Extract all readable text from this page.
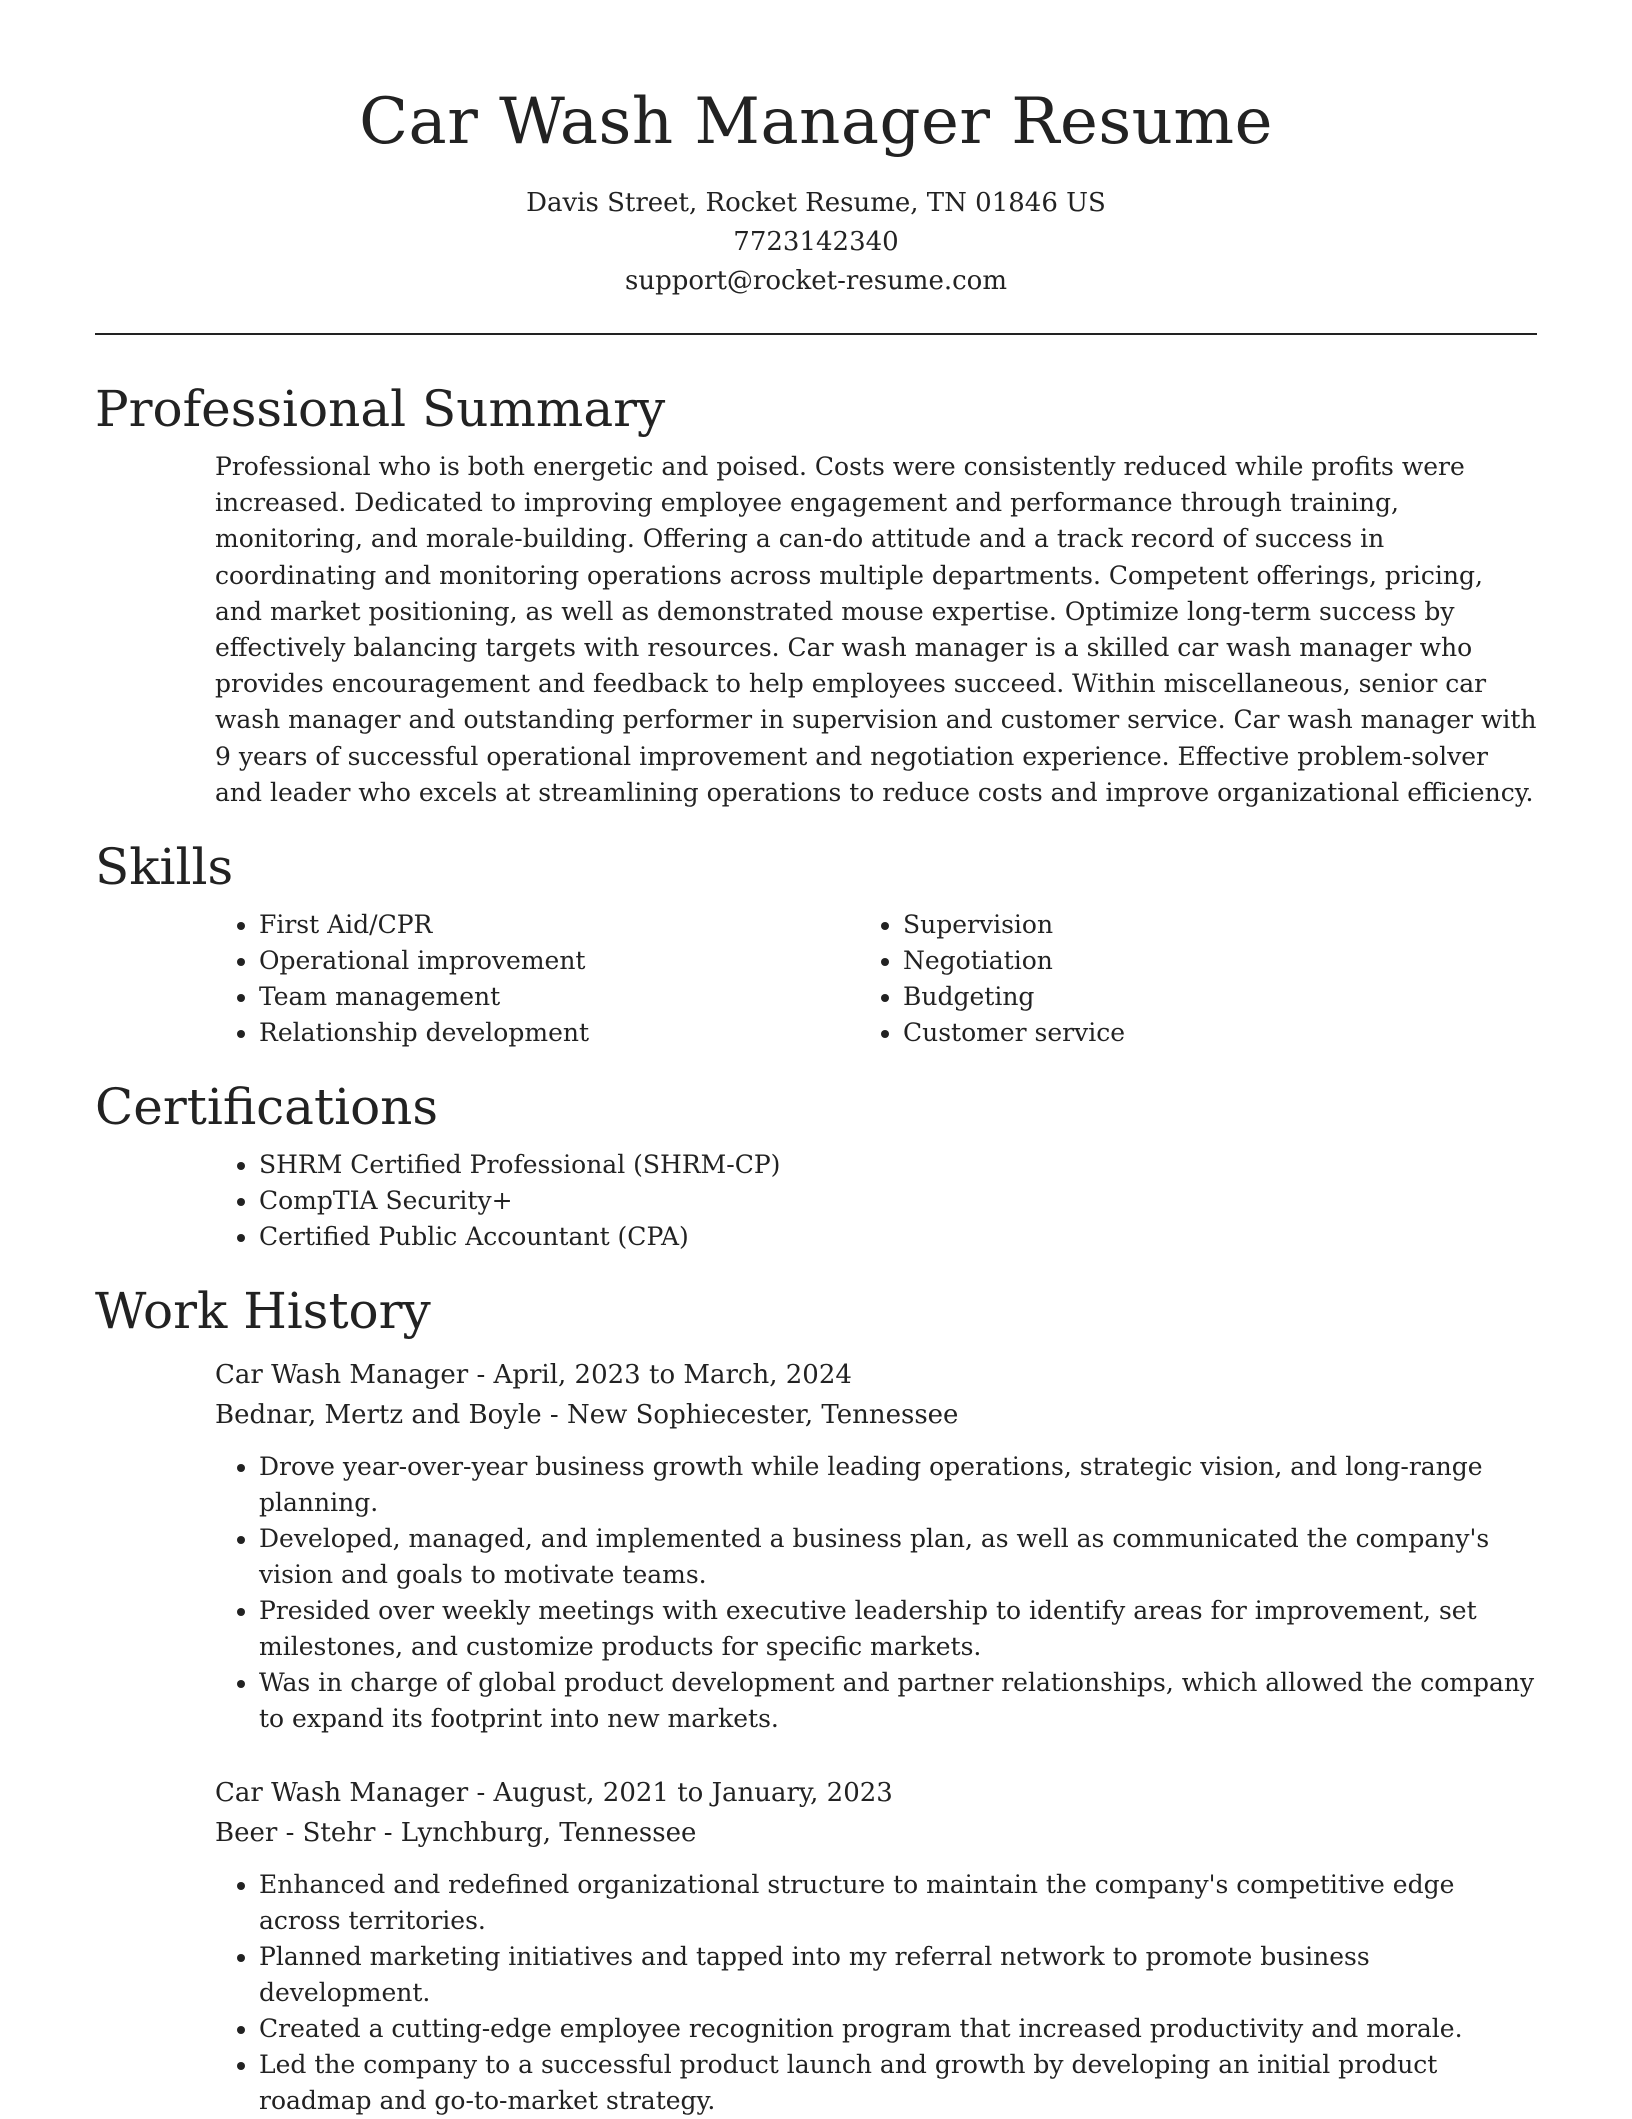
Car Wash Manager Resume
Davis Street, Rocket Resume, TN 01846 US
7723142340
support@rocket-resume.com
Professional Summary

Professional who is both energetic and poised. Costs were consistently reduced while profits were increased. Dedicated to improving employee engagement and performance through training, monitoring, and morale-building. Offering a can-do attitude and a track record of success in coordinating and monitoring operations across multiple departments. Competent offerings, pricing, and market positioning, as well as demonstrated mouse expertise. Optimize long-term success by effectively balancing targets with resources. Car wash manager is a skilled car wash manager who provides encouragement and feedback to help employees succeed. Within miscellaneous, senior car wash manager and outstanding performer in supervision and customer service. Car wash manager with 9 years of successful operational improvement and negotiation experience. Effective problem-solver and leader who excels at streamlining operations to reduce costs and improve organizational efficiency.

Skills
• First Aid/CPR
• Operational improvement
• Team management
• Relationship development
• Supervision
• Negotiation
• Budgeting
• Customer service
Certifications
• SHRM Certified Professional (SHRM-CP)
• CompTIA Security+
• Certified Public Accountant (CPA)
Work History
Car Wash Manager - April, 2023 to March, 2024
Bednar, Mertz and Boyle - New Sophiecester, Tennessee
• Drove year-over-year business growth while leading operations, strategic vision, and long-range planning.
• Developed, managed, and implemented a business plan, as well as communicated the company's vision and goals to motivate teams.
• Presided over weekly meetings with executive leadership to identify areas for improvement, set milestones, and customize products for specific markets.
• Was in charge of global product development and partner relationships, which allowed the company to expand its footprint into new markets.
Car Wash Manager - August, 2021 to January, 2023
Beer - Stehr - Lynchburg, Tennessee
• Enhanced and redefined organizational structure to maintain the company's competitive edge across territories.
• Planned marketing initiatives and tapped into my referral network to promote business development.
• Created a cutting-edge employee recognition program that increased productivity and morale.
• Led the company to a successful product launch and growth by developing an initial product roadmap and go-to-market strategy.
